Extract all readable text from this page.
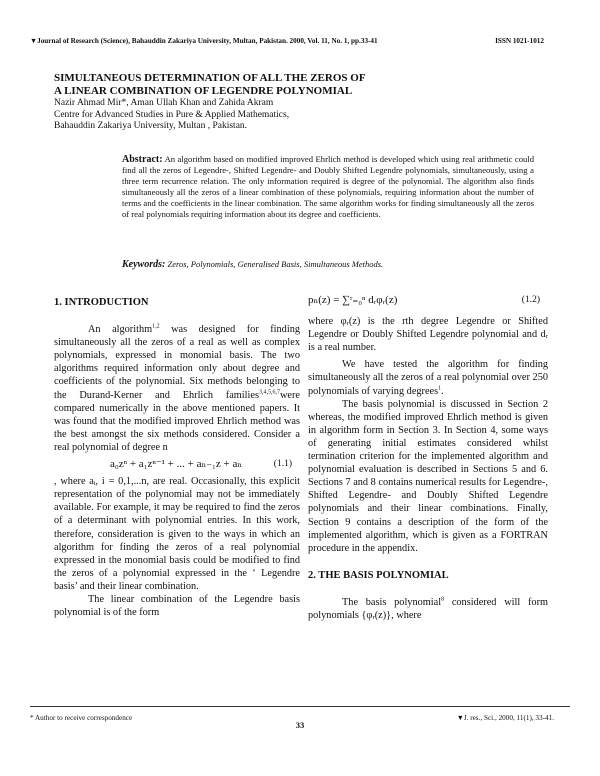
▼Journal of Research (Science), Bahauddin Zakariya University, Multan, Pakistan. 2000, Vol. 11, No. 1, pp.33-41	ISSN 1021-1012
SIMULTANEOUS DETERMINATION OF ALL THE ZEROS OF
A LINEAR COMBINATION OF LEGENDRE POLYNOMIAL
Nazir Ahmad Mir*, Aman Ullah Khan and Zahida Akram
Centre for Advanced Studies in Pure & Applied Mathematics,
Bahauddin Zakariya University, Multan , Pakistan.
Abstract: An algorithm based on modified improved Ehrlich method is developed which using real arithmetic could find all the zeros of Legendre-, Shifted Legendre- and Doubly Shifted Legendre polynomials, simultaneously, using a three term recurrence relation. The only information required is degree of the polynomial. The algorithm also finds simultaneously all the zeros of a linear combination of these polynomials, requiring information about the number of terms and the coefficients in the linear combination. The same algorithm works for finding simultaneously all the zeros of real polynomials requiring information about its degree and coefficients.
Keywords: Zeros, Polynomials, Generalised Basis, Simultaneous Methods.
1. INTRODUCTION

An algorithm$^{1,2}$ was designed for finding simultaneously all the zeros of a real as well as complex polynomials, expressed in monomial basis. The two algorithms required information only about degree and coefficients of the polynomial. Six methods belonging to the Durand-Kerner and Ehrlich families$^{3,4,5,6,7}$were compared numerically in the above mentioned papers. It was found that the modified improved Ehrlich method was the best amongst the six methods considered. Consider a real polynomial of degree n

a₀zⁿ + a₁zⁿ⁻¹ + ... + aₙ₋₁z + aₙ	(1.1)

, where aᵢ, i = 0,1,...n, are real. Occasionally, this explicit representation of the polynomial may not be immediately available. For example, it may be required to find the zeros of a determinant with polynomial entries. In this work, therefore, consideration is given to the ways in which an algorithm for finding the zeros of a real polynomial expressed in the monomial basis could be modified to find the zeros of a polynomial expressed in the ‘ Legendre basis’ and their linear combination.

The linear combination of the Legendre basis polynomial is of the form

pₙ(z) = ∑ʳ₌₀ⁿ dᵣφᵣ(z)	(1.2)

where φᵣ(z) is the rth degree Legendre or Shifted Legendre or Doubly Shifted Legendre polynomial and dᵣ is a real number.

We have tested the algorithm for finding simultaneously all the zeros of a real polynomial over 250 polynomials of varying degrees$^1$.

The basis polynomial is discussed in Section 2 whereas, the modified improved Ehrlich method is given in algorithm form in Section 3. In Section 4, some ways of generating initial estimates considered whilst termination criterion for the implemented algorithm and polynomial evaluation is described in Sections 5 and 6. Sections 7 and 8 contains numerical results for Legendre-, Shifted Legendre- and Doubly Shifted Legendre polynomials and their linear combinations. Finally, Section 9 contains a description of the form of the implemented algorithm, which is given as a FORTRAN procedure in the appendix.

2. THE BASIS POLYNOMIAL

The basis polynomial$^8$ considered will form polynomials {φᵣ(z)}, where

* Author to receive correspondence	▼J. res., Sci., 2000, 11(1), 33-41.
33
